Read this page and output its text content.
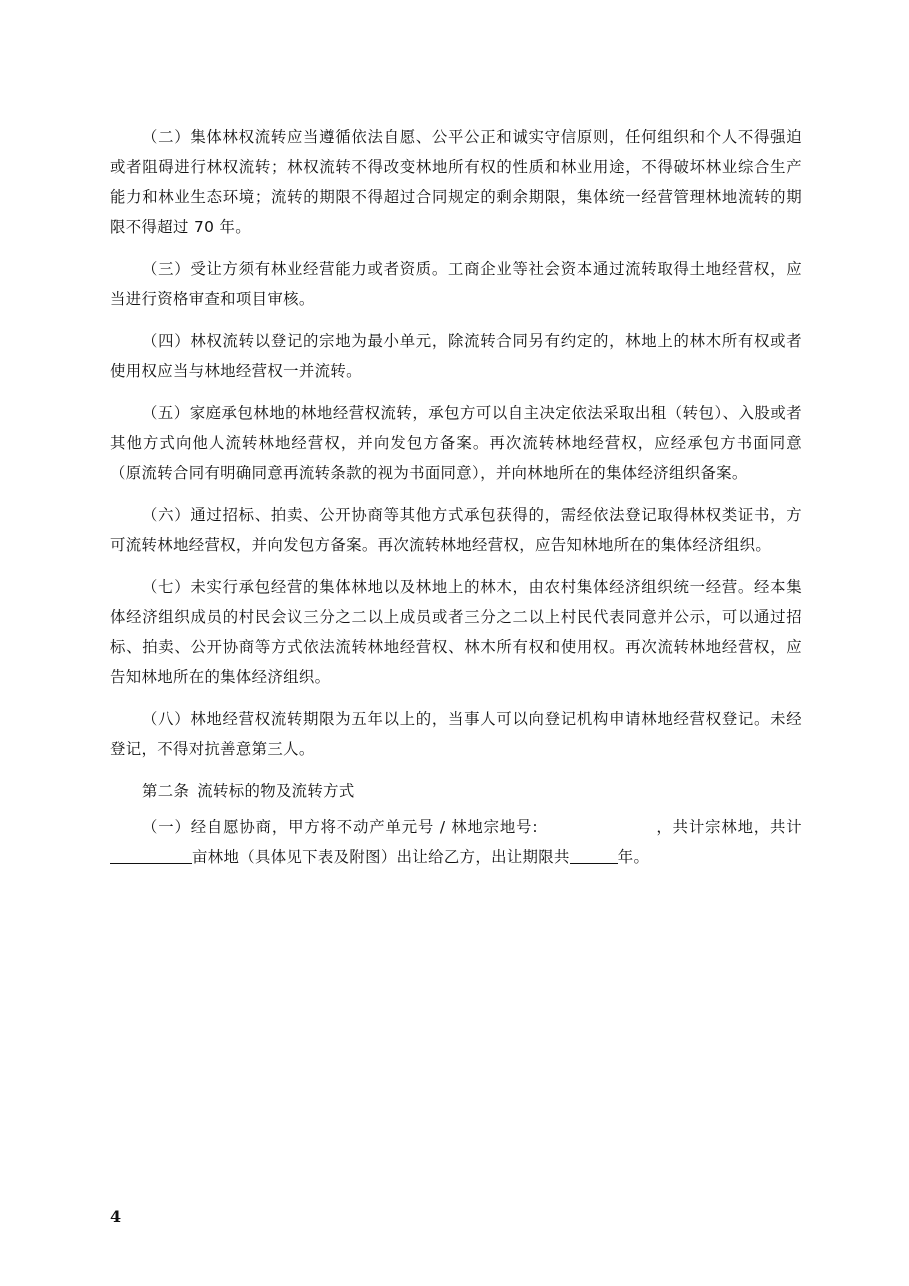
（二）集体林权流转应当遵循依法自愿、公平公正和诚实守信原则，任何组织和个人不得强迫或者阻碍进行林权流转；林权流转不得改变林地所有权的性质和林业用途，不得破坏林业综合生产能力和林业生态环境；流转的期限不得超过合同规定的剩余期限，集体统一经营管理林地流转的期限不得超过 70 年。

（三）受让方须有林业经营能力或者资质。工商企业等社会资本通过流转取得土地经营权，应当进行资格审查和项目审核。

（四）林权流转以登记的宗地为最小单元，除流转合同另有约定的，林地上的林木所有权或者使用权应当与林地经营权一并流转。

（五）家庭承包林地的林地经营权流转，承包方可以自主决定依法采取出租（转包）、入股或者其他方式向他人流转林地经营权，并向发包方备案。再次流转林地经营权，应经承包方书面同意（原流转合同有明确同意再流转条款的视为书面同意），并向林地所在的集体经济组织备案。

（六）通过招标、拍卖、公开协商等其他方式承包获得的，需经依法登记取得林权类证书，方可流转林地经营权，并向发包方备案。再次流转林地经营权，应告知林地所在的集体经济组织。

（七）未实行承包经营的集体林地以及林地上的林木，由农村集体经济组织统一经营。经本集体经济组织成员的村民会议三分之二以上成员或者三分之二以上村民代表同意并公示，可以通过招标、拍卖、公开协商等方式依法流转林地经营权、林木所有权和使用权。再次流转林地经营权，应告知林地所在的集体经济组织。

（八）林地经营权流转期限为五年以上的，当事人可以向登记机构申请林地经营权登记。未经登记，不得对抗善意第三人。

第二条 流转标的物及流转方式

（一）经自愿协商，甲方将不动产单元号 / 林地宗地号:	，共计宗林地，共计亩林地（具体见下表及附图）出让给乙方，出让期限共	年。

4
